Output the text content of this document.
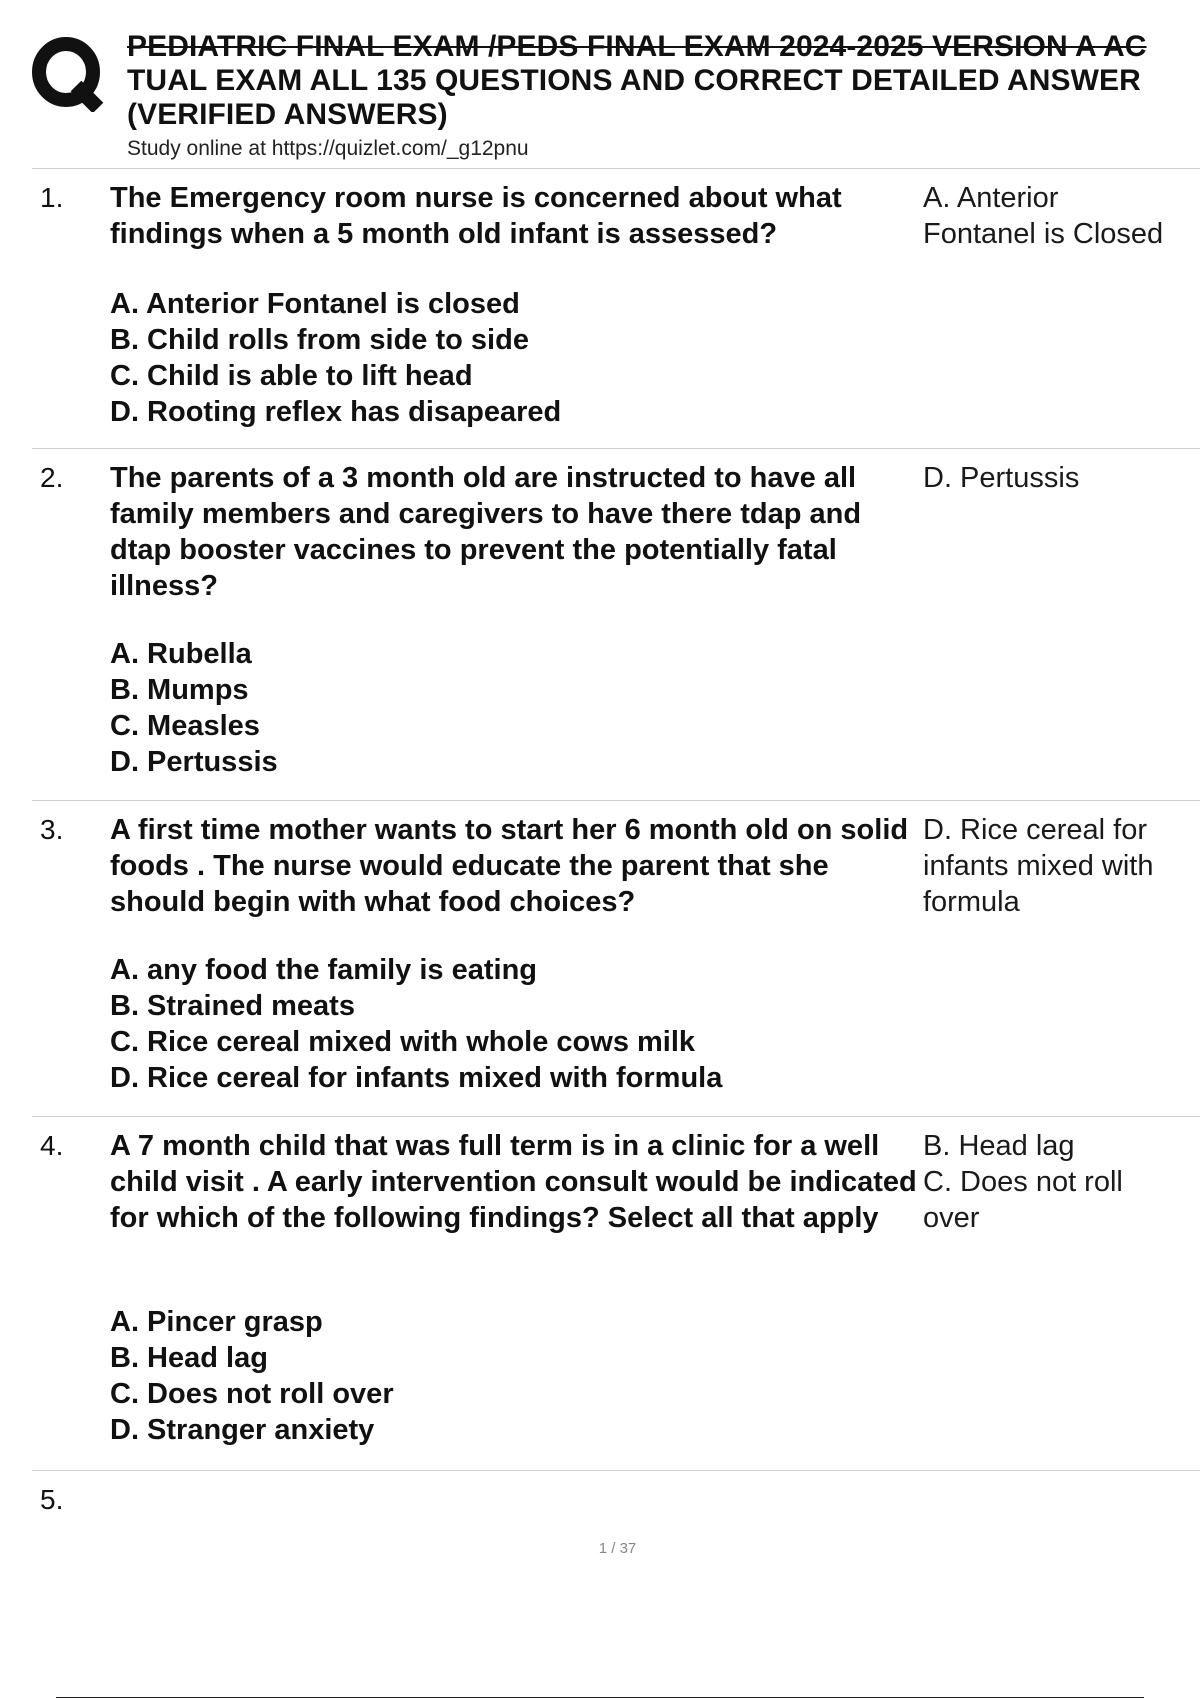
PEDIATRIC FINAL EXAM /PEDS FINAL EXAM 2024-2025 VERSION A AC
TUAL EXAM ALL 135 QUESTIONS AND CORRECT DETAILED ANSWER
(VERIFIED ANSWERS)
Study online at https://quizlet.com/_g12pnu
1. The Emergency room nurse is concerned about what findings when a 5 month old infant is assessed?
A. Anterior Fontanel is closed
B. Child rolls from side to side
C. Child is able to lift head
D. Rooting reflex has disapeared
A. Anterior
Fontanel is Closed
2. The parents of a 3 month old are instructed to have all family members and caregivers to have there tdap and dtap booster vaccines to prevent the potentially fatal illness?
A. Rubella
B. Mumps
C. Measles
D. Pertussis
D. Pertussis
3. A first time mother wants to start her 6 month old on solid foods . The nurse would educate the parent that she should begin with what food choices?
A. any food the family is eating
B. Strained meats
C. Rice cereal mixed with whole cows milk
D. Rice cereal for infants mixed with formula
D. Rice cereal for
infants mixed with
formula
4. A 7 month child that was full term is in a clinic for a well child visit . A early intervention consult would be indicated for which of the following findings? Select all that apply
A. Pincer grasp
B. Head lag
C. Does not roll over
D. Stranger anxiety
B. Head lag
C. Does not roll
over
5.
1 / 37
